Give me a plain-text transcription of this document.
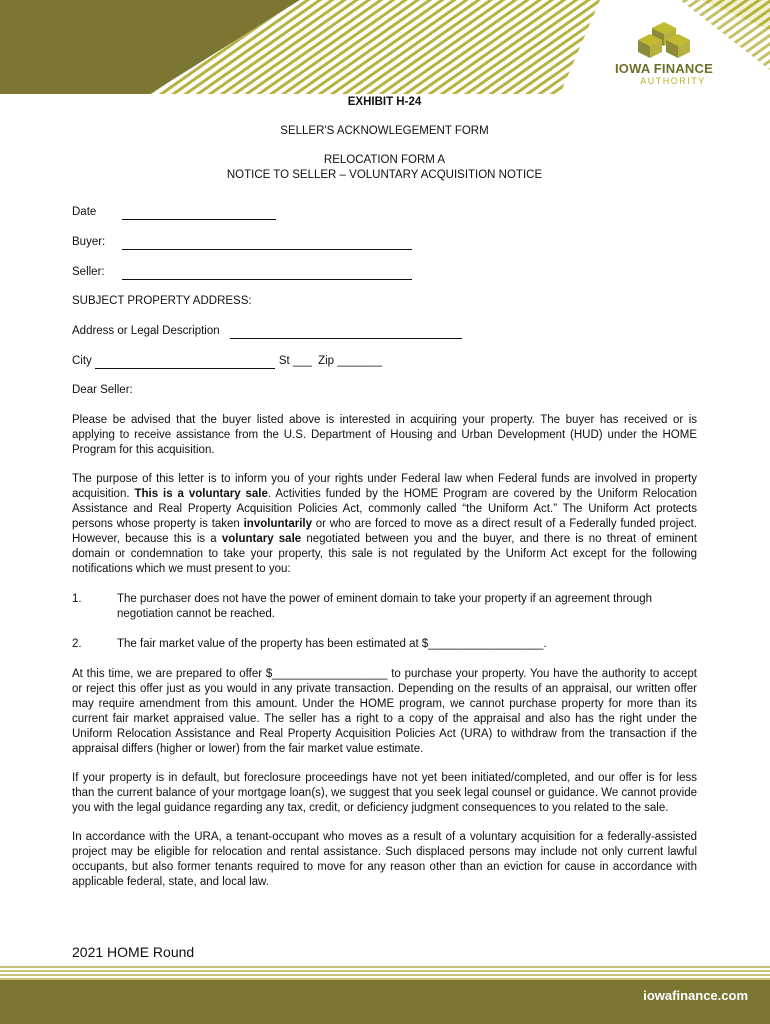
IOWA FINANCE
AUTHORITY

EXHIBIT H-24

SELLER'S ACKNOWLEGEMENT FORM

RELOCATION FORM A

NOTICE TO SELLER – VOLUNTARY ACQUISITION NOTICE

Date
Buyer:
Seller:

SUBJECT PROPERTY ADDRESS:

Address or Legal Description
City	St ___ Zip _______

Dear Seller:

Please be advised that the buyer listed above is interested in acquiring your property. The buyer has received or is applying to receive assistance from the U.S. Department of Housing and Urban Development (HUD) under the HOME Program for this acquisition.

The purpose of this letter is to inform you of your rights under Federal law when Federal funds are involved in property acquisition. This is a voluntary sale. Activities funded by the HOME Program are covered by the Uniform Relocation Assistance and Real Property Acquisition Policies Act, commonly called “the Uniform Act.” The Uniform Act protects persons whose property is taken involuntarily or who are forced to move as a direct result of a Federally funded project. However, because this is a voluntary sale negotiated between you and the buyer, and there is no threat of eminent domain or condemnation to take your property, this sale is not regulated by the Uniform Act except for the following notifications which we must present to you:

1.	The purchaser does not have the power of eminent domain to take your property if an agreement through negotiation cannot be reached.
2.	The fair market value of the property has been estimated at $__________________.

At this time, we are prepared to offer $__________________ to purchase your property. You have the authority to accept or reject this offer just as you would in any private transaction. Depending on the results of an appraisal, our written offer may require amendment from this amount. Under the HOME program, we cannot purchase property for more than its current fair market appraised value. The seller has a right to a copy of the appraisal and also has the right under the Uniform Relocation Assistance and Real Property Acquisition Policies Act (URA) to withdraw from the transaction if the appraisal differs (higher or lower) from the fair market value estimate.

If your property is in default, but foreclosure proceedings have not yet been initiated/completed, and our offer is for less than the current balance of your mortgage loan(s), we suggest that you seek legal counsel or guidance. We cannot provide you with the legal guidance regarding any tax, credit, or deficiency judgment consequences to you related to the sale.

In accordance with the URA, a tenant-occupant who moves as a result of a voluntary acquisition for a federally-assisted project may be eligible for relocation and rental assistance. Such displaced persons may include not only current lawful occupants, but also former tenants required to move for any reason other than an eviction for cause in accordance with applicable federal, state, and local law.

2021 HOME Round
iowafinance.com
